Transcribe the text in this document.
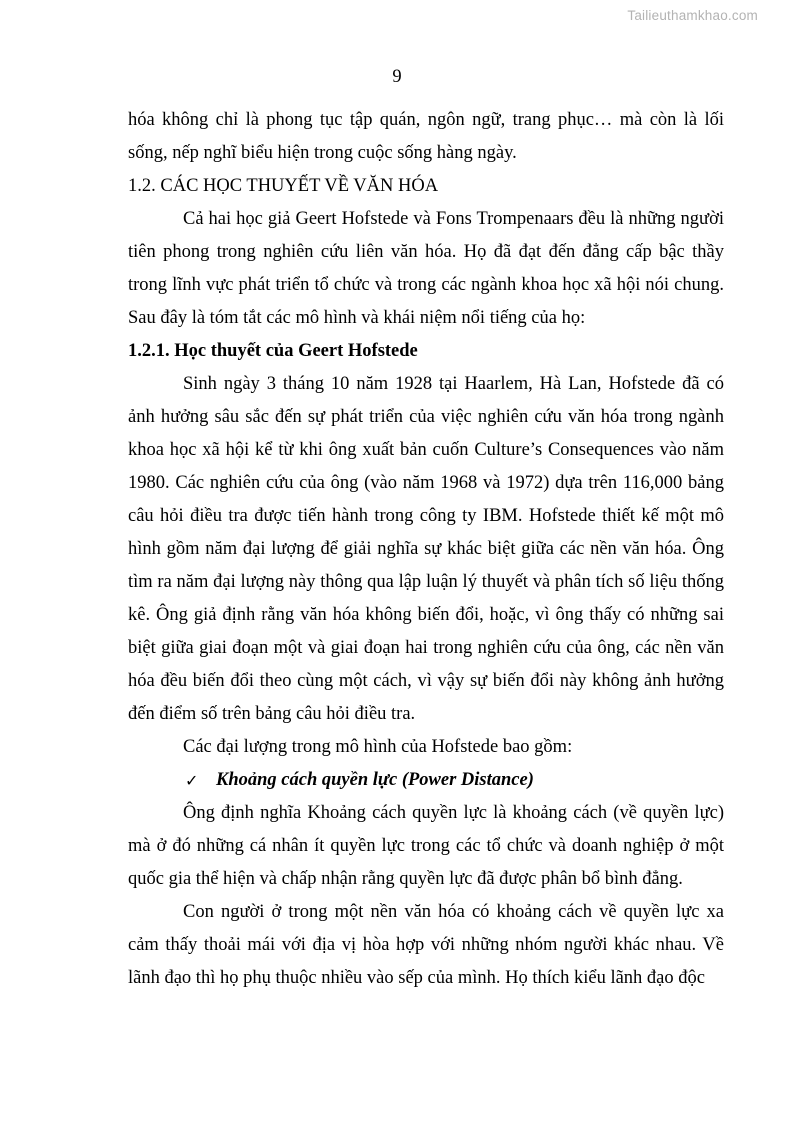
Tailieuthamkhao.com
9

hóa không chỉ là phong tục tập quán, ngôn ngữ, trang phục… mà còn là lối sống, nếp nghĩ biểu hiện trong cuộc sống hàng ngày.

1.2. CÁC HỌC THUYẾT VỀ VĂN HÓA

Cả hai học giả Geert Hofstede và Fons Trompenaars đều là những người tiên phong trong nghiên cứu liên văn hóa. Họ đã đạt đến đẳng cấp bậc thầy trong lĩnh vực phát triển tổ chức và trong các ngành khoa học xã hội nói chung. Sau đây là tóm tắt các mô hình và khái niệm nổi tiếng của họ:

1.2.1. Học thuyết của Geert Hofstede

Sinh ngày 3 tháng 10 năm 1928 tại Haarlem, Hà Lan, Hofstede đã có ảnh hưởng sâu sắc đến sự phát triển của việc nghiên cứu văn hóa trong ngành khoa học xã hội kể từ khi ông xuất bản cuốn Culture’s Consequences vào năm 1980. Các nghiên cứu của ông (vào năm 1968 và 1972) dựa trên 116,000 bảng câu hỏi điều tra được tiến hành trong công ty IBM. Hofstede thiết kế một mô hình gồm năm đại lượng để giải nghĩa sự khác biệt giữa các nền văn hóa. Ông tìm ra năm đại lượng này thông qua lập luận lý thuyết và phân tích số liệu thống kê. Ông giả định rằng văn hóa không biến đổi, hoặc, vì ông thấy có những sai biệt giữa giai đoạn một và giai đoạn hai trong nghiên cứu của ông, các nền văn hóa đều biến đổi theo cùng một cách, vì vậy sự biến đổi này không ảnh hưởng đến điểm số trên bảng câu hỏi điều tra.

Các đại lượng trong mô hình của Hofstede bao gồm:

✓ Khoảng cách quyền lực (Power Distance)

Ông định nghĩa Khoảng cách quyền lực là khoảng cách (về quyền lực) mà ở đó những cá nhân ít quyền lực trong các tổ chức và doanh nghiệp ở một quốc gia thể hiện và chấp nhận rằng quyền lực đã được phân bổ bình đẳng.

Con người ở trong một nền văn hóa có khoảng cách về quyền lực xa cảm thấy thoải mái với địa vị hòa hợp với những nhóm người khác nhau. Về lãnh đạo thì họ phụ thuộc nhiều vào sếp của mình. Họ thích kiểu lãnh đạo độc
